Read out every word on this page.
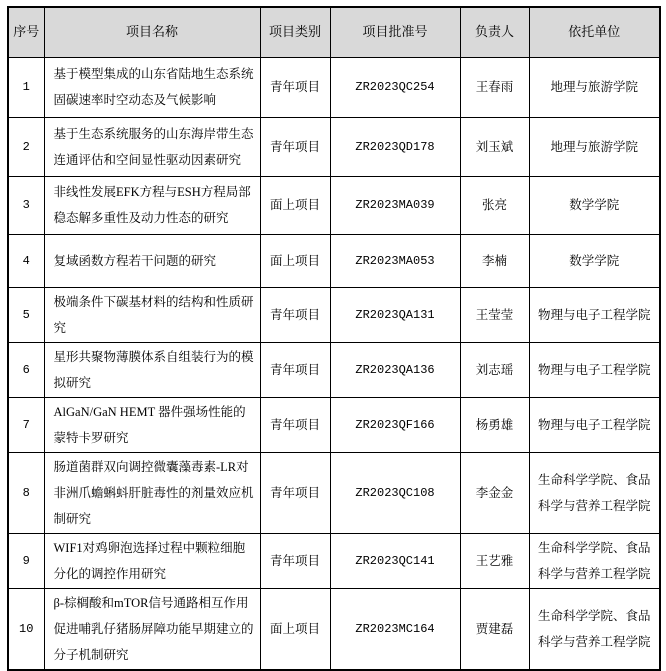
序号	项目名称	项目类别	项目批准号	负责人	依托单位
1	基于模型集成的山东省陆地生态系统固碳速率时空动态及气候影响	青年项目	ZR2023QC254	王春雨	地理与旅游学院
2	基于生态系统服务的山东海岸带生态连通评估和空间显性驱动因素研究	青年项目	ZR2023QD178	刘玉斌	地理与旅游学院
3	非线性发展EFK方程与ESH方程局部稳态解多重性及动力性态的研究	面上项目	ZR2023MA039	张亮	数学学院
4	复域函数方程若干问题的研究	面上项目	ZR2023MA053	李楠	数学学院
5	极端条件下碳基材料的结构和性质研究	青年项目	ZR2023QA131	王莹莹	物理与电子工程学院
6	星形共聚物薄膜体系自组装行为的模拟研究	青年项目	ZR2023QA136	刘志瑶	物理与电子工程学院
7	AlGaN/GaN HEMT 器件强场性能的蒙特卡罗研究	青年项目	ZR2023QF166	杨勇雄	物理与电子工程学院
8	肠道菌群双向调控微囊藻毒素-LR对非洲爪蟾蝌蚪肝脏毒性的剂量效应机制研究	青年项目	ZR2023QC108	李金金	生命科学学院、食品科学与营养工程学院
9	WIF1对鸡卵泡选择过程中颗粒细胞分化的调控作用研究	青年项目	ZR2023QC141	王艺雅	生命科学学院、食品科学与营养工程学院
10	β-棕榈酸和mTOR信号通路相互作用促进哺乳仔猪肠屏障功能早期建立的分子机制研究	面上项目	ZR2023MC164	贾建磊	生命科学学院、食品科学与营养工程学院
